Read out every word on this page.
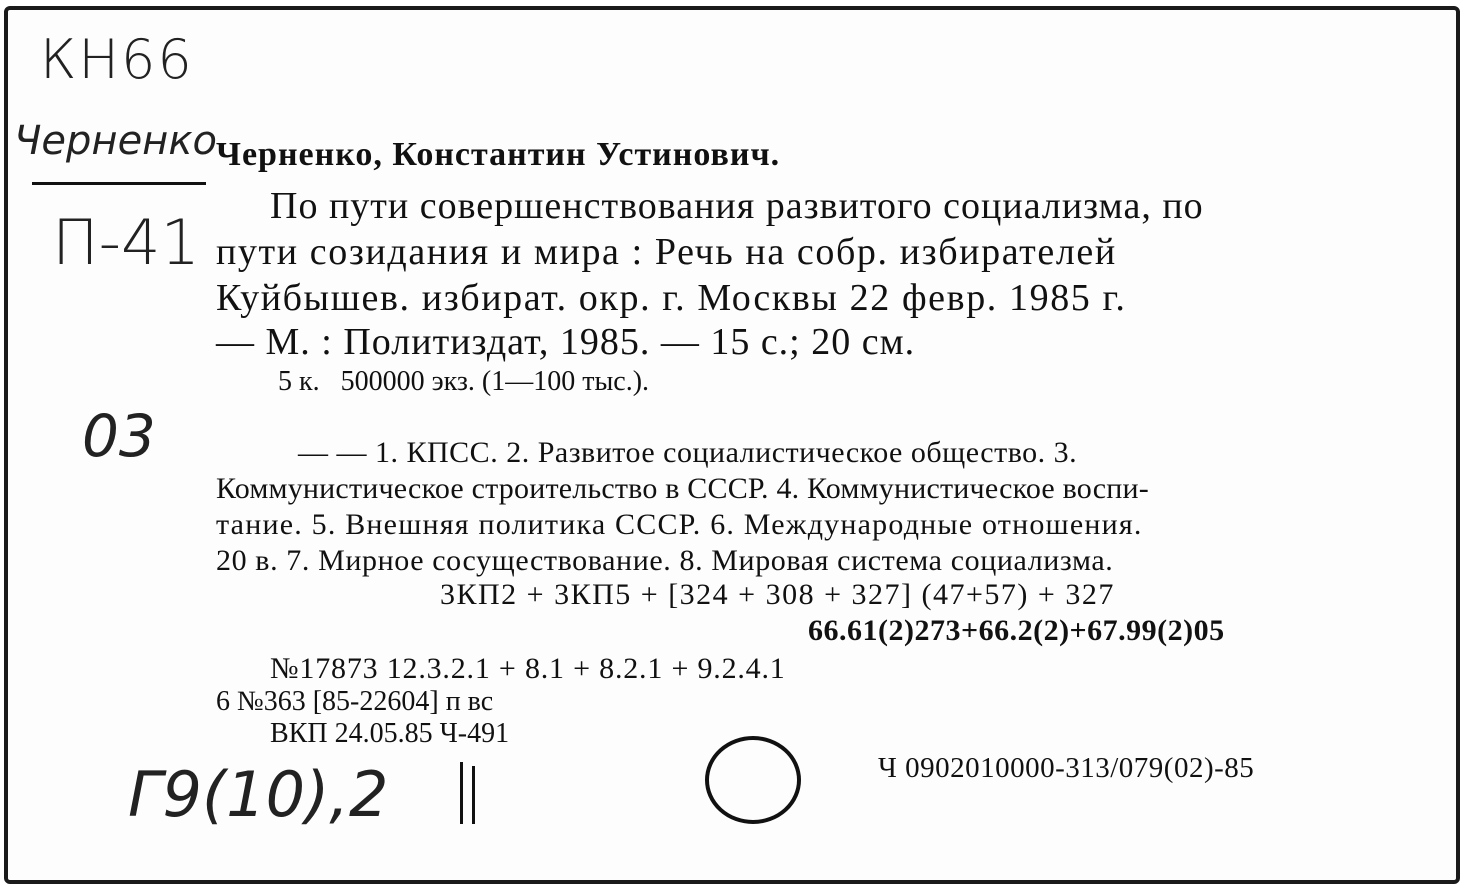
КН66
Черненко
П-41
03
Г9(10),2
Черненко, Константин Устинович.
По пути совершенствования развитого социализма, по
пути созидания и мира : Речь на собр. избирателей
Куйбышев. избират. окр. г. Москвы 22 февр. 1985 г.
— М. : Политиздат, 1985. — 15 с.; 20 см.
5 к.   500000 экз. (1—100 тыс.).
— — 1. КПСС. 2. Развитое социалистическое общество. 3.
Коммунистическое строительство в СССР. 4. Коммунистическое воспи-
тание. 5. Внешняя политика СССР. 6. Международные отношения.
20 в. 7. Мирное сосуществование. 8. Мировая система социализма.
3КП2 + 3КП5 + [324 + 308 + 327] (47+57) + 327
66.61(2)273+66.2(2)+67.99(2)05
№17873 12.3.2.1 + 8.1 + 8.2.1 + 9.2.4.1
6 №363 [85-22604] п вс
ВКП 24.05.85 Ч-491
Ч 0902010000-313/079(02)-85
